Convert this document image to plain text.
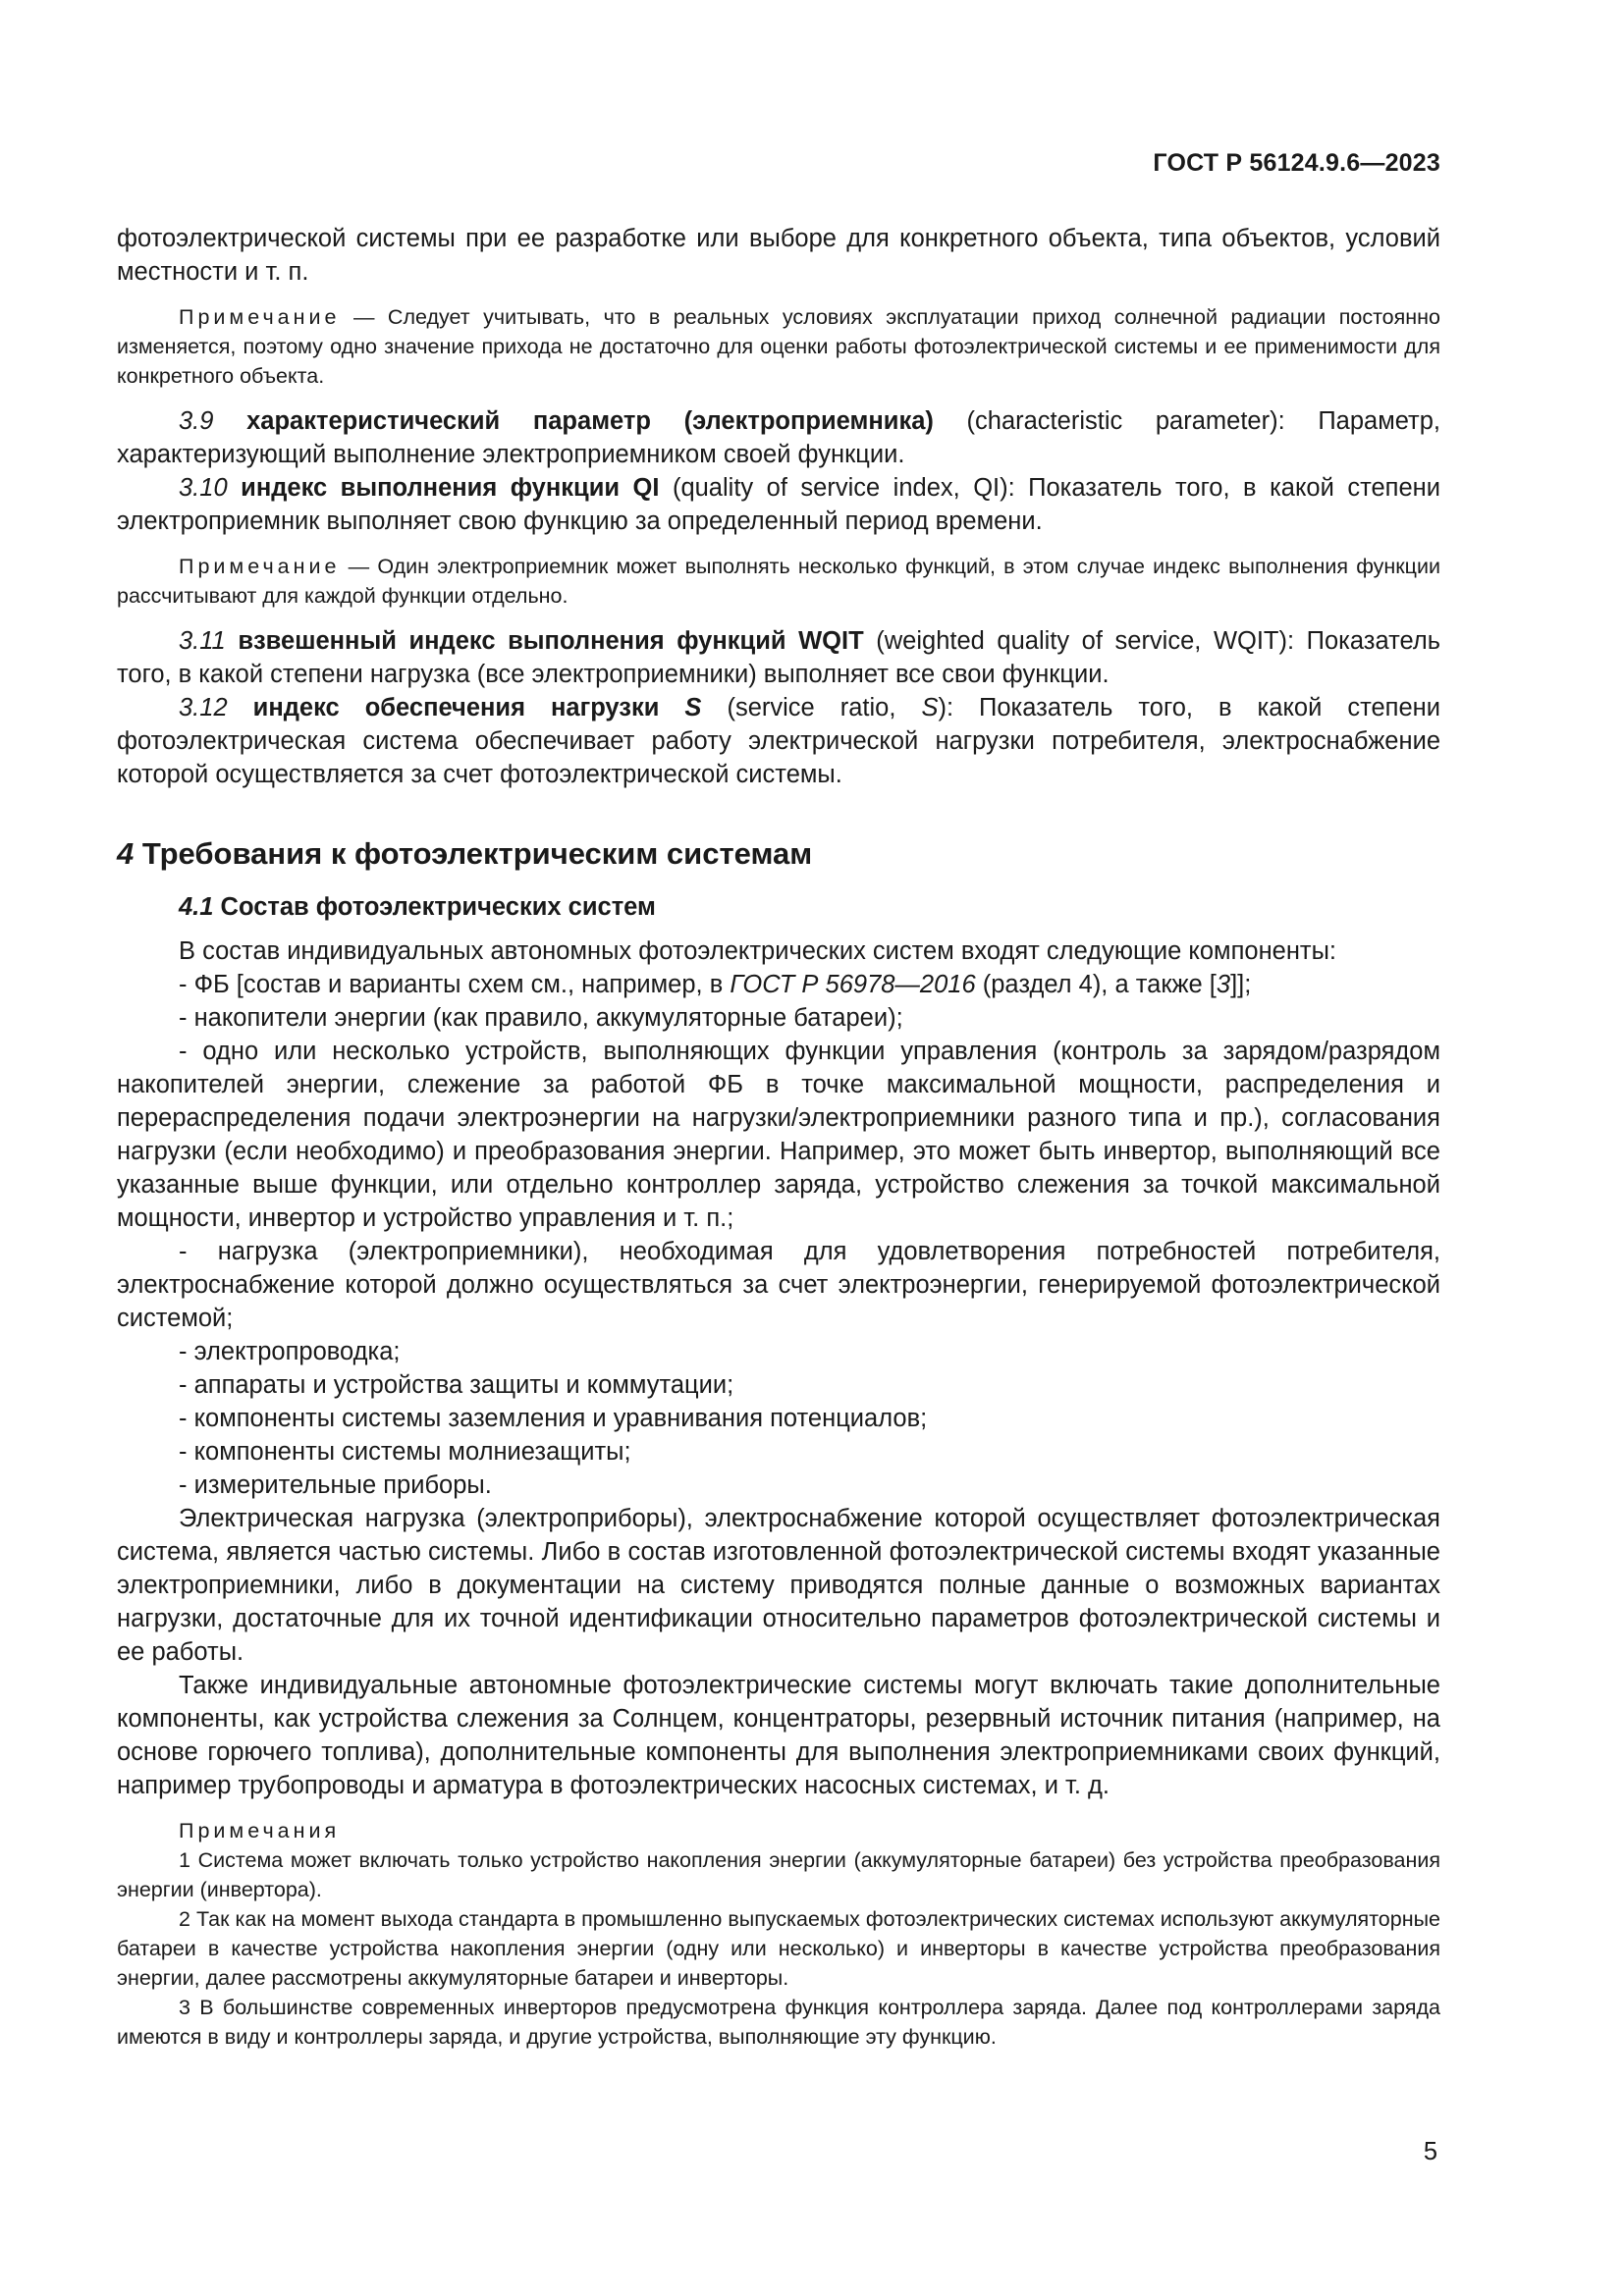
ГОСТ Р 56124.9.6—2023

фотоэлектрической системы при ее разработке или выборе для конкретного объекта, типа объектов, условий местности и т. п.

Примечание — Следует учитывать, что в реальных условиях эксплуатации приход солнечной радиации постоянно изменяется, поэтому одно значение прихода не достаточно для оценки работы фотоэлектрической системы и ее применимости для конкретного объекта.

3.9 характеристический параметр (электроприемника) (characteristic parameter): Параметр, характеризующий выполнение электроприемником своей функции.

3.10 индекс выполнения функции QI (quality of service index, QI): Показатель того, в какой степени электроприемник выполняет свою функцию за определенный период времени.

Примечание — Один электроприемник может выполнять несколько функций, в этом случае индекс выполнения функции рассчитывают для каждой функции отдельно.

3.11 взвешенный индекс выполнения функций WQIT (weighted quality of service, WQIT): Показатель того, в какой степени нагрузка (все электроприемники) выполняет все свои функции.

3.12 индекс обеспечения нагрузки S (service ratio, S): Показатель того, в какой степени фотоэлектрическая система обеспечивает работу электрической нагрузки потребителя, электроснабжение которой осуществляется за счет фотоэлектрической системы.

4 Требования к фотоэлектрическим системам
4.1 Состав фотоэлектрических систем

В состав индивидуальных автономных фотоэлектрических систем входят следующие компоненты:

- ФБ [состав и варианты схем см., например, в ГОСТ Р 56978—2016 (раздел 4), а также [3]];

- накопители энергии (как правило, аккумуляторные батареи);

- одно или несколько устройств, выполняющих функции управления (контроль за зарядом/разрядом накопителей энергии, слежение за работой ФБ в точке максимальной мощности, распределения и перераспределения подачи электроэнергии на нагрузки/электроприемники разного типа и пр.), согласования нагрузки (если необходимо) и преобразования энергии. Например, это может быть инвертор, выполняющий все указанные выше функции, или отдельно контроллер заряда, устройство слежения за точкой максимальной мощности, инвертор и устройство управления и т. п.;

- нагрузка (электроприемники), необходимая для удовлетворения потребностей потребителя, электроснабжение которой должно осуществляться за счет электроэнергии, генерируемой фотоэлектрической системой;

- электропроводка;

- аппараты и устройства защиты и коммутации;

- компоненты системы заземления и уравнивания потенциалов;

- компоненты системы молниезащиты;

- измерительные приборы.

Электрическая нагрузка (электроприборы), электроснабжение которой осуществляет фотоэлектрическая система, является частью системы. Либо в состав изготовленной фотоэлектрической системы входят указанные электроприемники, либо в документации на систему приводятся полные данные о возможных вариантах нагрузки, достаточные для их точной идентификации относительно параметров фотоэлектрической системы и ее работы.

Также индивидуальные автономные фотоэлектрические системы могут включать такие дополнительные компоненты, как устройства слежения за Солнцем, концентраторы, резервный источник питания (например, на основе горючего топлива), дополнительные компоненты для выполнения электроприемниками своих функций, например трубопроводы и арматура в фотоэлектрических насосных системах, и т. д.

Примечания

1 Система может включать только устройство накопления энергии (аккумуляторные батареи) без устройства преобразования энергии (инвертора).

2 Так как на момент выхода стандарта в промышленно выпускаемых фотоэлектрических системах используют аккумуляторные батареи в качестве устройства накопления энергии (одну или несколько) и инверторы в качестве устройства преобразования энергии, далее рассмотрены аккумуляторные батареи и инверторы.

3 В большинстве современных инверторов предусмотрена функция контроллера заряда. Далее под контроллерами заряда имеются в виду и контроллеры заряда, и другие устройства, выполняющие эту функцию.

5
